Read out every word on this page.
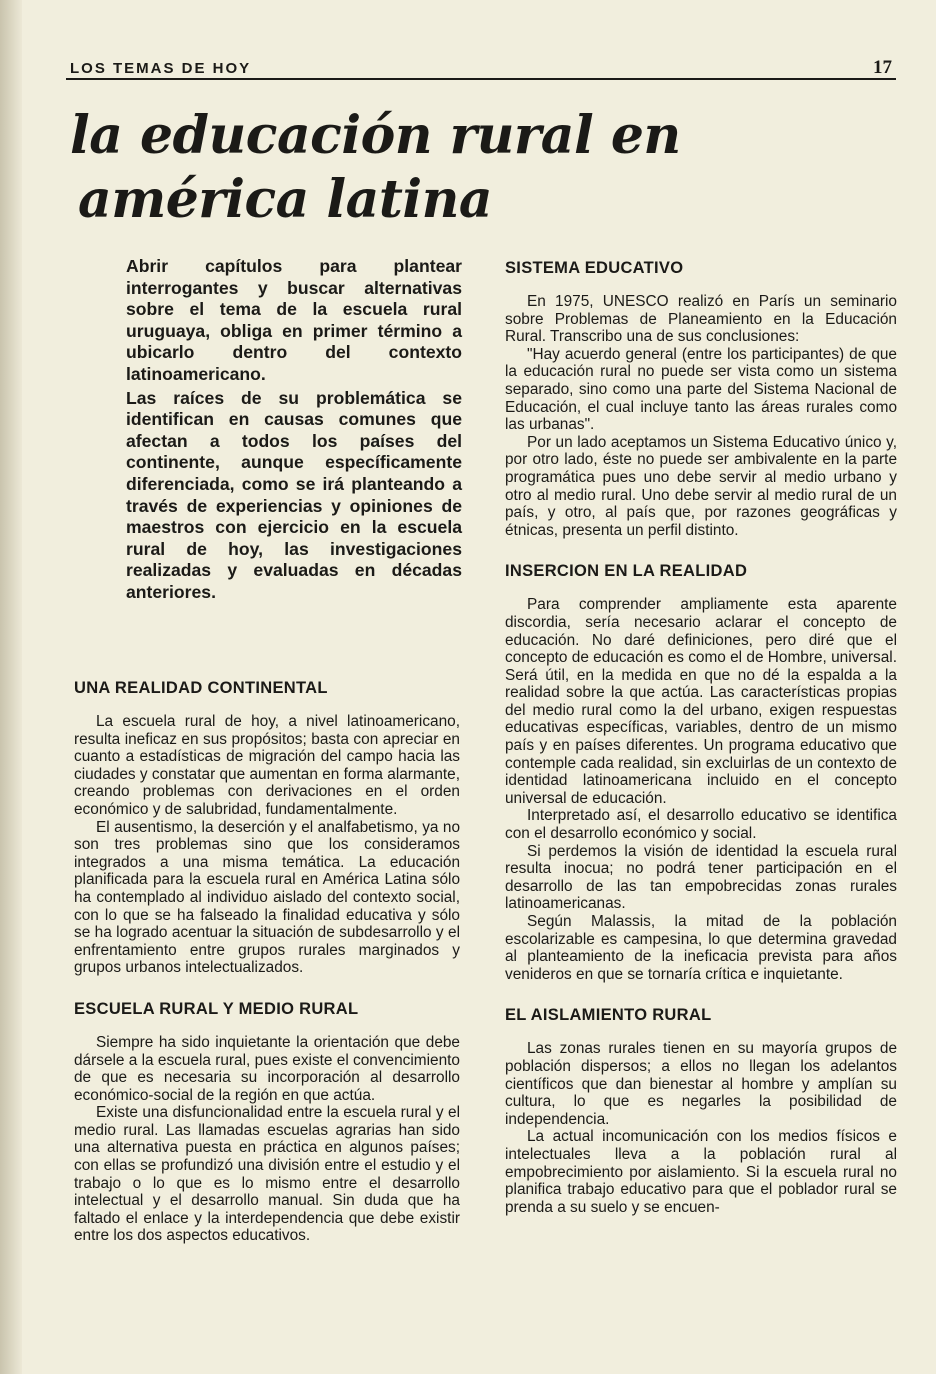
LOS TEMAS DE HOY	17
la educación rural en
américa latina

Abrir capítulos para plantear interrogantes y buscar alternativas sobre el tema de la escuela rural uruguaya, obliga en primer término a ubicarlo dentro del contexto latinoamericano.

Las raíces de su problemática se identifican en causas comunes que afectan a todos los países del continente, aunque específicamente diferenciada, como se irá planteando a través de experiencias y opiniones de maestros con ejercicio en la escuela rural de hoy, las investigaciones realizadas y evaluadas en décadas anteriores.

UNA REALIDAD CONTINENTAL

La escuela rural de hoy, a nivel latinoamericano, resulta ineficaz en sus propósitos; basta con apreciar en cuanto a estadísticas de migración del campo hacia las ciudades y constatar que aumentan en forma alarmante, creando problemas con derivaciones en el orden económico y de salubridad, fundamentalmente.

El ausentismo, la deserción y el analfabetismo, ya no son tres problemas sino que los consideramos integrados a una misma temática. La educación planificada para la escuela rural en América Latina sólo ha contemplado al individuo aislado del contexto social, con lo que se ha falseado la finalidad educativa y sólo se ha logrado acentuar la situación de subdesarrollo y el enfrentamiento entre grupos rurales marginados y grupos urbanos intelectualizados.

ESCUELA RURAL Y MEDIO RURAL

Siempre ha sido inquietante la orientación que debe dársele a la escuela rural, pues existe el convencimiento de que es necesaria su incorporación al desarrollo económico-social de la región en que actúa.

Existe una disfuncionalidad entre la escuela rural y el medio rural. Las llamadas escuelas agrarias han sido una alternativa puesta en práctica en algunos países; con ellas se profundizó una división entre el estudio y el trabajo o lo que es lo mismo entre el desarrollo intelectual y el desarrollo manual. Sin duda que ha faltado el enlace y la interdependencia que debe existir entre los dos aspectos educativos.

SISTEMA EDUCATIVO

En 1975, UNESCO realizó en París un seminario sobre Problemas de Planeamiento en la Educación Rural. Transcribo una de sus conclusiones:

"Hay acuerdo general (entre los participantes) de que la educación rural no puede ser vista como un sistema separado, sino como una parte del Sistema Nacional de Educación, el cual incluye tanto las áreas rurales como las urbanas".

Por un lado aceptamos un Sistema Educativo único y, por otro lado, éste no puede ser ambivalente en la parte programática pues uno debe servir al medio urbano y otro al medio rural. Uno debe servir al medio rural de un país, y otro, al país que, por razones geográficas y étnicas, presenta un perfil distinto.

INSERCION EN LA REALIDAD

Para comprender ampliamente esta aparente discordia, sería necesario aclarar el concepto de educación. No daré definiciones, pero diré que el concepto de educación es como el de Hombre, universal. Será útil, en la medida en que no dé la espalda a la realidad sobre la que actúa. Las características propias del medio rural como la del urbano, exigen respuestas educativas específicas, variables, dentro de un mismo país y en países diferentes. Un programa educativo que contemple cada realidad, sin excluirlas de un contexto de identidad latinoamericana incluido en el concepto universal de educación.

Interpretado así, el desarrollo educativo se identifica con el desarrollo económico y social.

Si perdemos la visión de identidad la escuela rural resulta inocua; no podrá tener participación en el desarrollo de las tan empobrecidas zonas rurales latinoamericanas.

Según Malassis, la mitad de la población escolarizable es campesina, lo que determina gravedad al planteamiento de la ineficacia prevista para años venideros en que se tornaría crítica e inquietante.

EL AISLAMIENTO RURAL

Las zonas rurales tienen en su mayoría grupos de población dispersos; a ellos no llegan los adelantos científicos que dan bienestar al hombre y amplían su cultura, lo que es negarles la posibilidad de independencia.

La actual incomunicación con los medios físicos e intelectuales lleva a la población rural al empobrecimiento por aislamiento. Si la escuela rural no planifica trabajo educativo para que el poblador rural se prenda a su suelo y se encuen-
